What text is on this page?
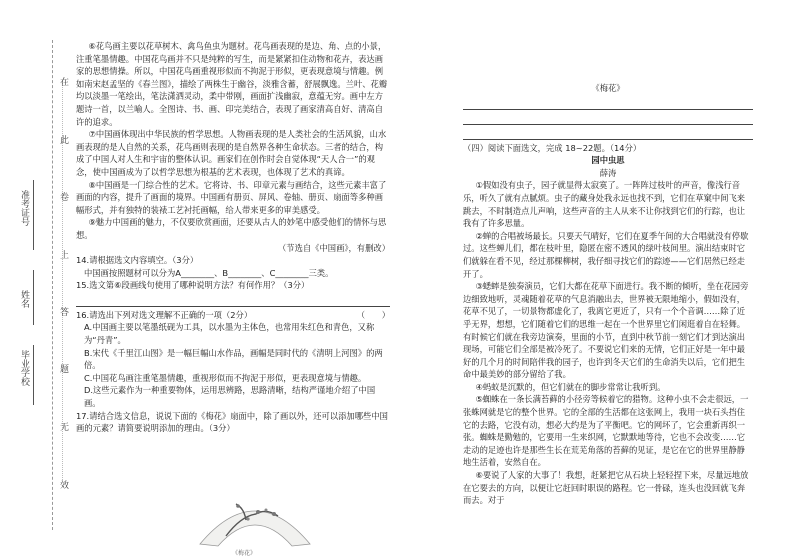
在
此
卷
上
答
题
无
效
准考证号
姓名
毕业学校

⑥花鸟画主要以花草树木、禽鸟鱼虫为题材。花鸟画表现的是边、角、点的小景，注重笔墨情趣。中国花鸟画并不只是纯粹的写生，而是紧紧扣住动物和花卉，表达画家的思想情操。所以，中国花鸟画重视形似而不拘泥于形似，更表现意境与情趣。例如南宋赵孟坚的《春兰图》，描绘了两株生于幽谷，淡雅含蓄，舒展飘逸。兰叶、花瓣均以淡墨一笔绘出，笔法潇洒灵动，柔中带刚，画面扩浅幽寂，意蕴无穷。画中左方题诗一首，以兰喻人。全图诗、书、画、印完美结合，表现了画家清高自好、清高自许的追求。

⑦中国画体现出中华民族的哲学思想。人物画表现的是人类社会的生活风貌，山水画表现的是人自然的关系，花鸟画则表现的是自然界各种生命状态。三者的结合，构成了中国人对人生和宇宙的整体认识。画家们在创作时会自觉体现“天人合一”的观念，使中国画成为了以哲学思想为根基的艺术表现，也体现了艺术的真谛。

⑧中国画是一门综合性的艺术。它将诗、书、印章元素与画结合，这些元素丰富了画面的内容，提升了画面的境界。中国画有册页、屏风、卷轴、册页、扇面等多种画幅形式，并有独特的装裱工艺衬托画幅，给人带来更多的审美感受。

⑨魅力中国画的魅力，不仅要欣赏画面，还要从古人的妙笔中感受他们的情怀与思想。

（节选自《中国画》，有删改）

14.请根据选文内容填空。（3分）

中国画按照题材可以分为A________、B________、C________三类。

15.选文第⑥段画线句使用了哪种说明方法？有何作用？（3分）

16.请选出下列对选文理解不正确的一项（2分）	（　　）

A.中国画主要以笔墨纸砚为工具，以水墨为主体色，也常用朱红色和青色，又称为“丹青”。

B.宋代《千里江山图》是一幅巨幅山水作品，画幅是同时代的《清明上河图》的两倍。

C.中国花鸟画注重笔墨情趣，重视形似而不拘泥于形似，更表现意境与情趣。

D.这些元素作为一种重要物体，运用思辨路，思路清晰，结构严谨地介绍了中国画。

17.请结合选文信息，说说下面的《梅花》扇面中，除了画以外，还可以添加哪些中国画的元素？请简要说明添加的理由。（3分）

《梅花》

《梅花》

（四）阅读下面选文，完成 18~22题。（14分）

园中虫思

薛涛

①假如没有虫子，园子就显得太寂寞了。一阵阵过枝叶的声音，像浅行音乐，听久了就有点腻烦。虫子的藏身处我永远也找不到，它们在草窠中间飞来跳去，不时制造点儿声响，这些声音的主人从来不让你找到它们的行踪，也让我有了许多思量。

②蝉的合唱被场最长。只要天气晴好，它们在夏季午间的大合唱就没有停歇过。这些蝉儿们，都在枝叶里，隐匿在密不透风的绿叶枝间里。演出结束时它们就躲在看不见，经过那棵柳树，我仔细寻找它们的踪迹——它们居然已经走开了。

③蟋蟀是独奏演员，它们大都在花草下面进行。我不断的倾听，坐在花园旁边细致地听，灵魂随着花草的气息消融出去，世界被无限地缩小，假如没有，花草不见了，一切景物都虚化了，我离它更近了，只有一个个音调……除了近乎无界，想想，它们随着它们的思维一起在一个世界里它们闲逛着自在轻舞。有时候它们就在我旁边演奏，里面的小节，直到中秋节前一刻它们才到达演出现场，可能它们全部是被冷死了。不要说它们来的无情，它们正好是一年中最好的几个月的时间陪伴我的园子，也许到冬天它们的生命消失以后，它们把生命中最美妙的部分留给了我。

④蚂蚁是沉默的，但它们就在的脚步常常让我听到。

⑤蜘蛛在一条长满苔藓的小径旁等候着它的猎物。这种小虫不会走很远，一张蛛网就是它的整个世界。它的全部的生活都在这张网上，我用一块石头挡住它的去路，它没有动，想必大约是为了平衡吧。它的网坏了，它会重新再织一张。蜘蛛是勤勉的，它要用一生来织网，它默默地等待，它也不会改变……它走动的足迹也许是那些生长在荒芜角落的苔藓的见证，是它在它的世界里静静地生活着，安然自在。

⑥要说了人家的大事了！我想，赶紧把它从石块上轻轻捏下来，尽量远地放在它要去的方向，以便让它赶回时职误的路程。它一骨碌，连头也没回就飞奔而去。对于
